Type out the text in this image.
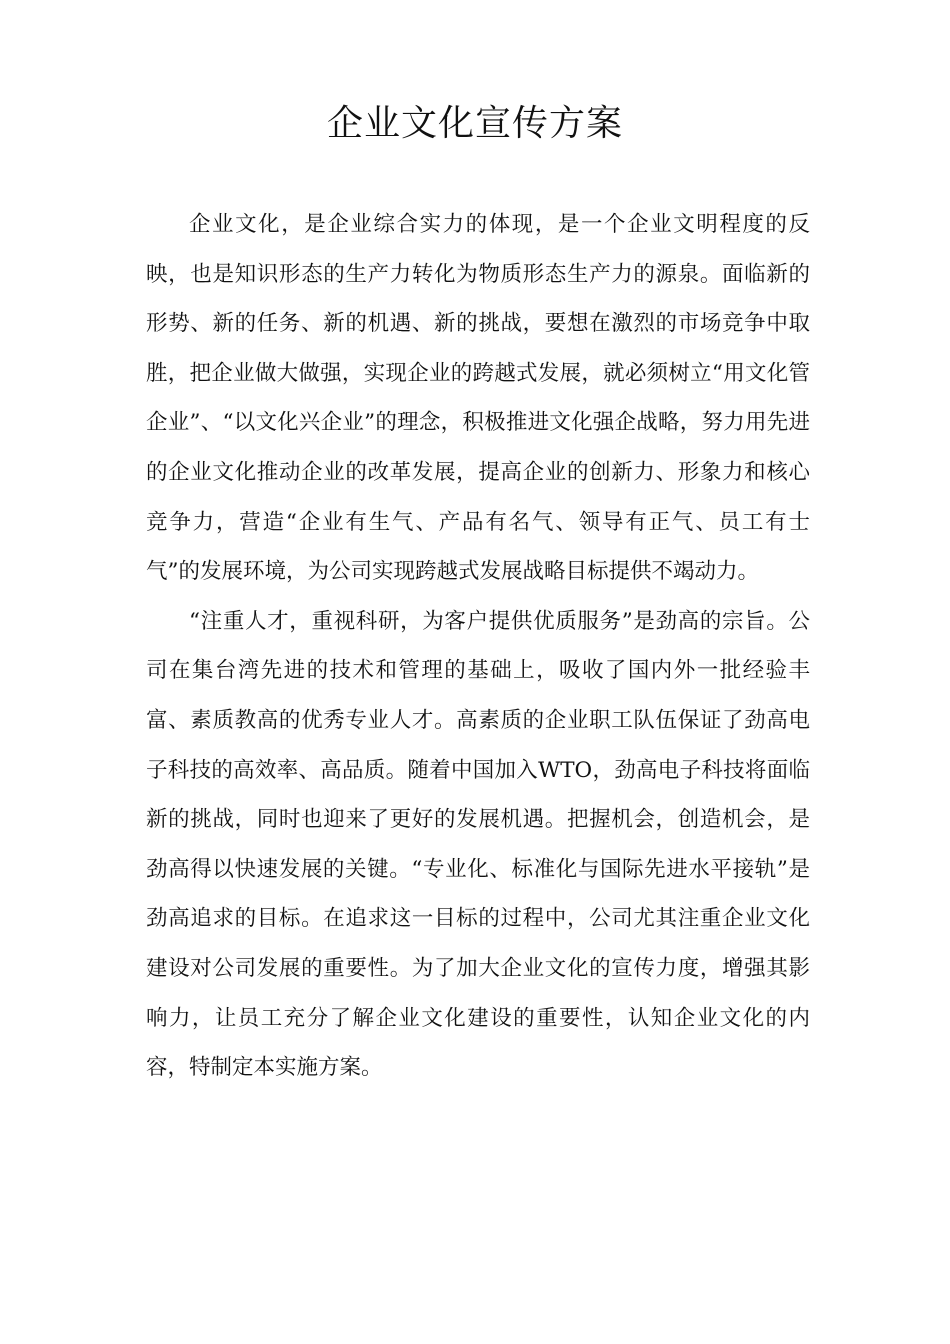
企业文化宣传方案

企业文化，是企业综合实力的体现，是一个企业文明程度的反映，也是知识形态的生产力转化为物质形态生产力的源泉。面临新的形势、新的任务、新的机遇、新的挑战，要想在激烈的市场竞争中取胜，把企业做大做强，实现企业的跨越式发展，就必须树立“用文化管企业”、“以文化兴企业”的理念，积极推进文化强企战略，努力用先进的企业文化推动企业的改革发展，提高企业的创新力、形象力和核心竞争力，营造“企业有生气、产品有名气、领导有正气、员工有士气”的发展环境，为公司实现跨越式发展战略目标提供不竭动力。

“注重人才，重视科研，为客户提供优质服务”是劲高的宗旨。公司在集台湾先进的技术和管理的基础上，吸收了国内外一批经验丰富、素质教高的优秀专业人才。高素质的企业职工队伍保证了劲高电子科技的高效率、高品质。随着中国加入WTO，劲高电子科技将面临新的挑战，同时也迎来了更好的发展机遇。把握机会，创造机会，是劲高得以快速发展的关键。“专业化、标准化与国际先进水平接轨”是劲高追求的目标。在追求这一目标的过程中，公司尤其注重企业文化建设对公司发展的重要性。为了加大企业文化的宣传力度，增强其影响力，让员工充分了解企业文化建设的重要性，认知企业文化的内容，特制定本实施方案。
